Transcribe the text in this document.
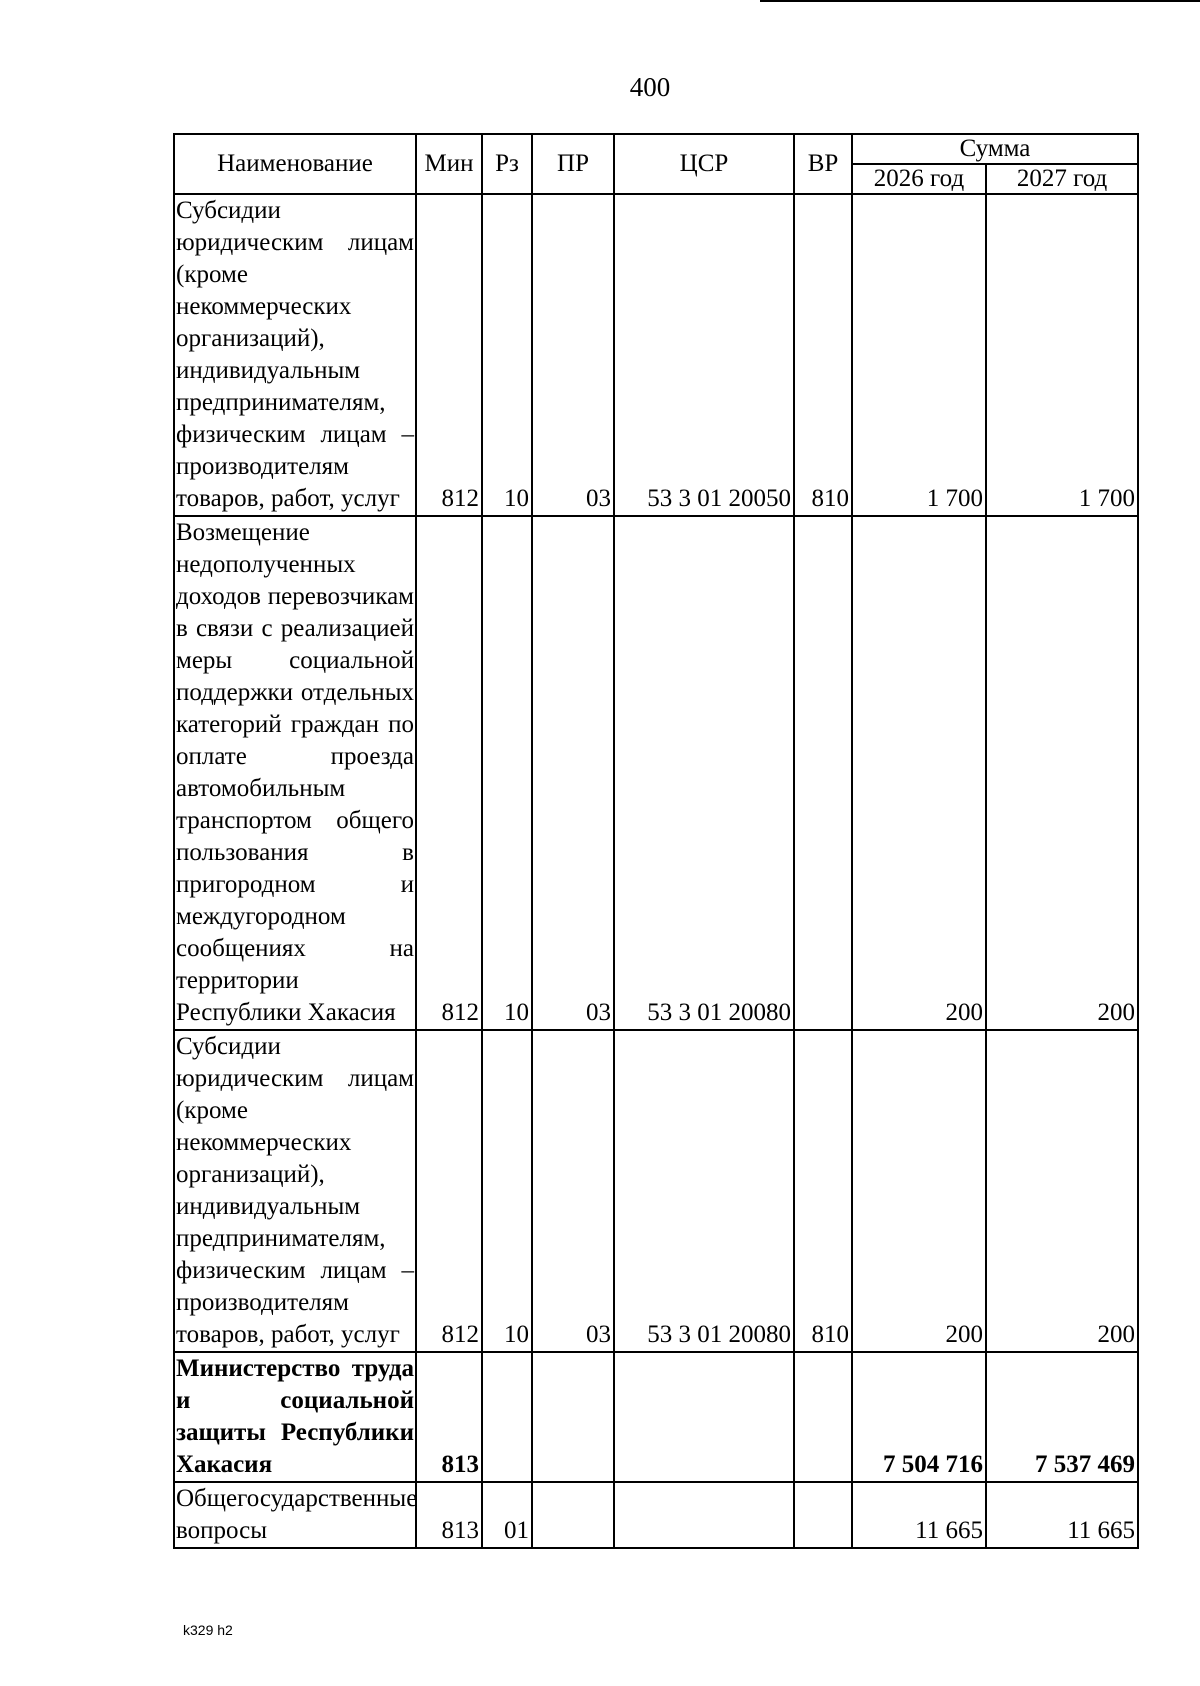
400
Наименование	Мин	Рз	ПР	ЦСР	ВР	Сумма	
						2026 год	2027 год
Субсидии юридическим лицам (кроме некоммерческих организаций), индивидуальным предпринимателям, физическим лицам – производителям товаров, работ, услуг	812	10	03	53 3 01 20050	810	1 700	1 700
Возмещение недополученных доходов перевозчикам в связи с реализацией меры социальной поддержки отдельных категорий граждан по оплате проезда автомобильным транспортом общего пользования в пригородном и междугородном сообщениях на территории Республики Хакасия	812	10	03	53 3 01 20080		200	200
Субсидии юридическим лицам (кроме некоммерческих организаций), индивидуальным предпринимателям, физическим лицам – производителям товаров, работ, услуг	812	10	03	53 3 01 20080	810	200	200
Министерство труда и социальной защиты Республики Хакасия	813					7 504 716	7 537 469
Общегосударственные вопросы	813	01				11 665	11 665
k329 h2
